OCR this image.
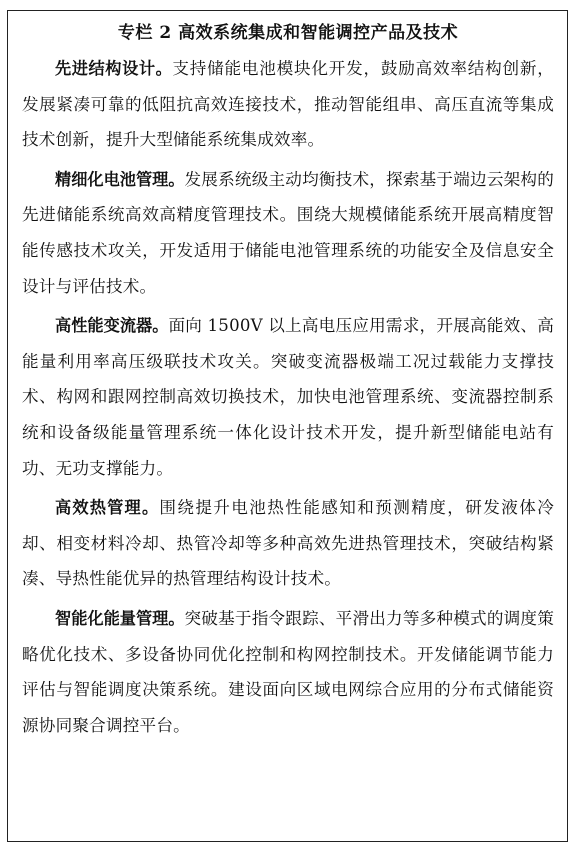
专栏 2 高效系统集成和智能调控产品及技术

先进结构设计。支持储能电池模块化开发，鼓励高效率结构创新，发展紧凑可靠的低阻抗高效连接技术，推动智能组串、高压直流等集成技术创新，提升大型储能系统集成效率。

精细化电池管理。发展系统级主动均衡技术，探索基于端边云架构的先进储能系统高效高精度管理技术。围绕大规模储能系统开展高精度智能传感技术攻关，开发适用于储能电池管理系统的功能安全及信息安全设计与评估技术。

高性能变流器。面向 1500V 以上高电压应用需求，开展高能效、高能量利用率高压级联技术攻关。突破变流器极端工况过载能力支撑技术、构网和跟网控制高效切换技术，加快电池管理系统、变流器控制系统和设备级能量管理系统一体化设计技术开发，提升新型储能电站有功、无功支撑能力。

高效热管理。围绕提升电池热性能感知和预测精度，研发液体冷却、相变材料冷却、热管冷却等多种高效先进热管理技术，突破结构紧凑、导热性能优异的热管理结构设计技术。

智能化能量管理。突破基于指令跟踪、平滑出力等多种模式的调度策略优化技术、多设备协同优化控制和构网控制技术。开发储能调节能力评估与智能调度决策系统。建设面向区域电网综合应用的分布式储能资源协同聚合调控平台。
